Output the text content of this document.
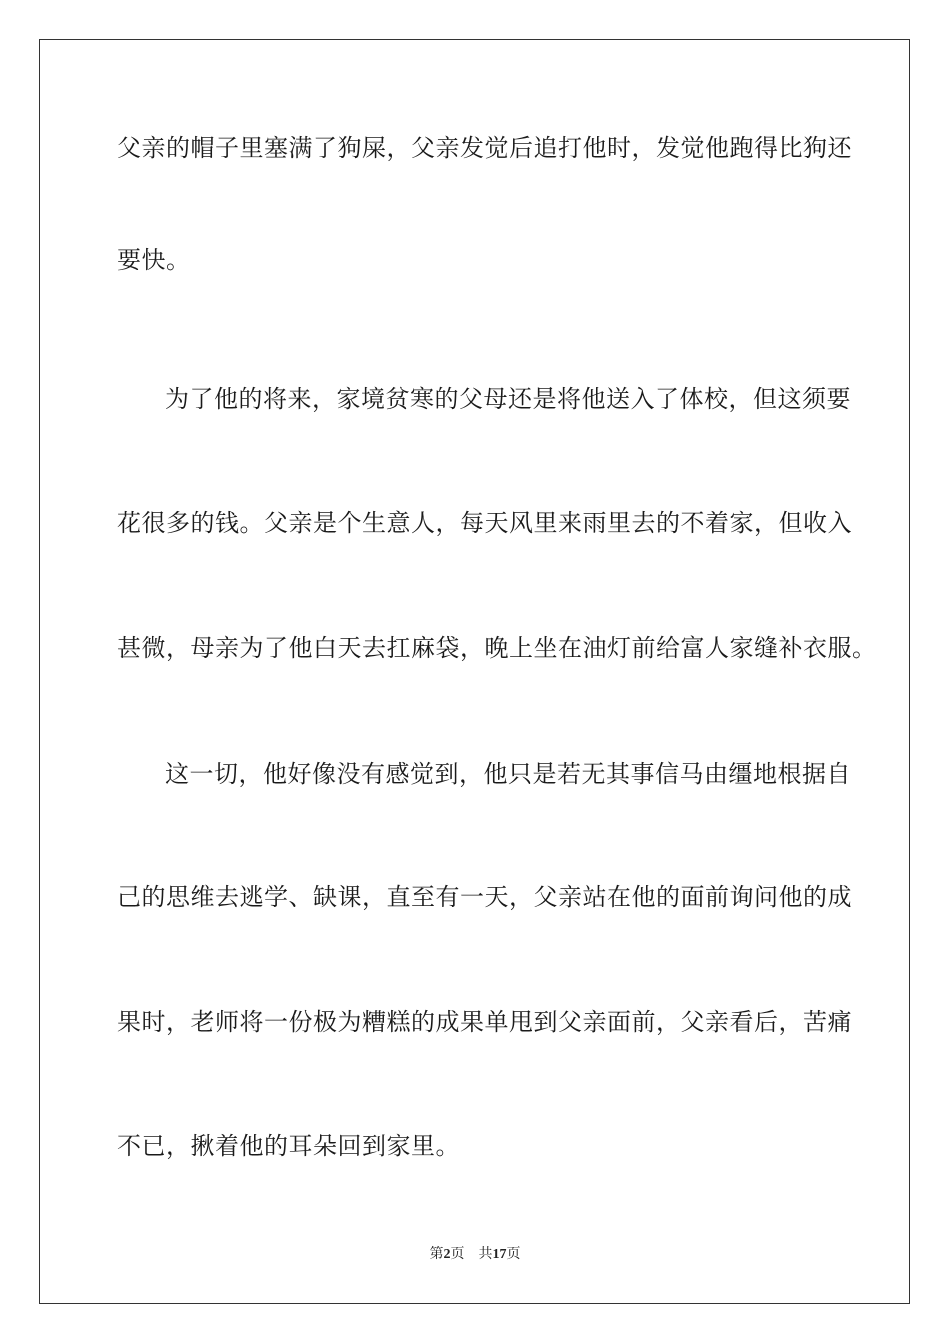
父亲的帽子里塞满了狗屎，父亲发觉后追打他时，发觉他跑得比狗还
要快。
为了他的将来，家境贫寒的父母还是将他送入了体校，但这须要
花很多的钱。父亲是个生意人，每天风里来雨里去的不着家，但收入
甚微，母亲为了他白天去扛麻袋，晚上坐在油灯前给富人家缝补衣服。
这一切，他好像没有感觉到，他只是若无其事信马由缰地根据自
己的思维去逃学、缺课，直至有一天，父亲站在他的面前询问他的成
果时，老师将一份极为糟糕的成果单甩到父亲面前，父亲看后，苦痛
不已，揪着他的耳朵回到家里。
第2页 共17页
